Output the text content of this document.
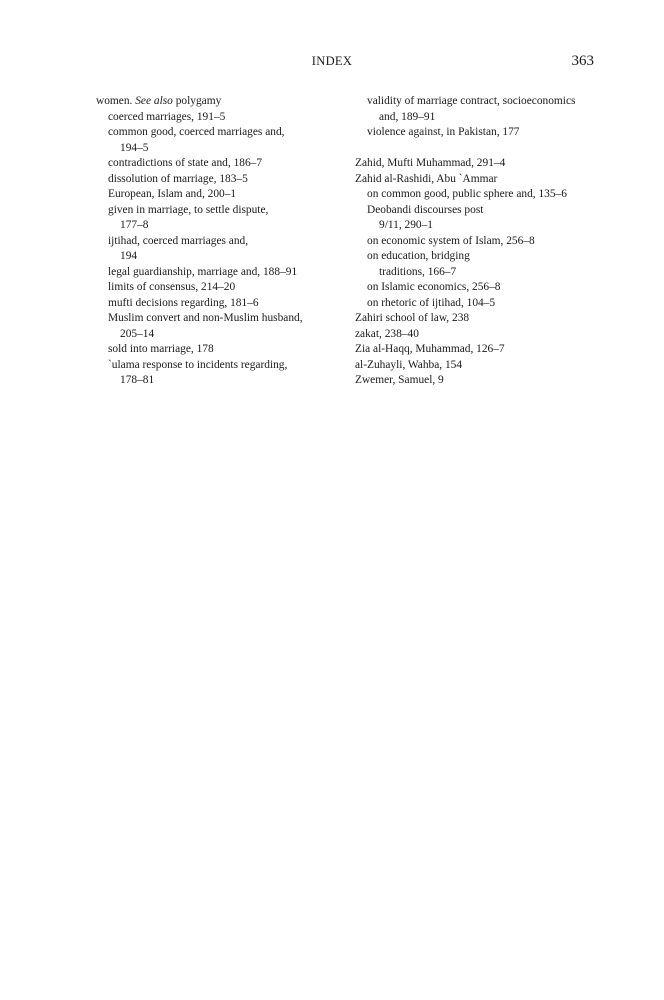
INDEX	363
women. See also polygamy
coerced marriages, 191–5
common good, coerced marriages and,
194–5
contradictions of state and, 186–7
dissolution of marriage, 183–5
European, Islam and, 200–1
given in marriage, to settle dispute,
177–8
ijtihad, coerced marriages and,
194
legal guardianship, marriage and, 188–91
limits of consensus, 214–20
mufti decisions regarding, 181–6
Muslim convert and non-Muslim husband,
205–14
sold into marriage, 178
`ulama response to incidents regarding,
178–81
validity of marriage contract, socioeconomics
and, 189–91
violence against, in Pakistan, 177
Zahid, Mufti Muhammad, 291–4
Zahid al-Rashidi, Abu `Ammar
on common good, public sphere and, 135–6
Deobandi discourses post
9/11, 290–1
on economic system of Islam, 256–8
on education, bridging
traditions, 166–7
on Islamic economics, 256–8
on rhetoric of ijtihad, 104–5
Zahiri school of law, 238
zakat, 238–40
Zia al-Haqq, Muhammad, 126–7
al-Zuhayli, Wahba, 154
Zwemer, Samuel, 9
